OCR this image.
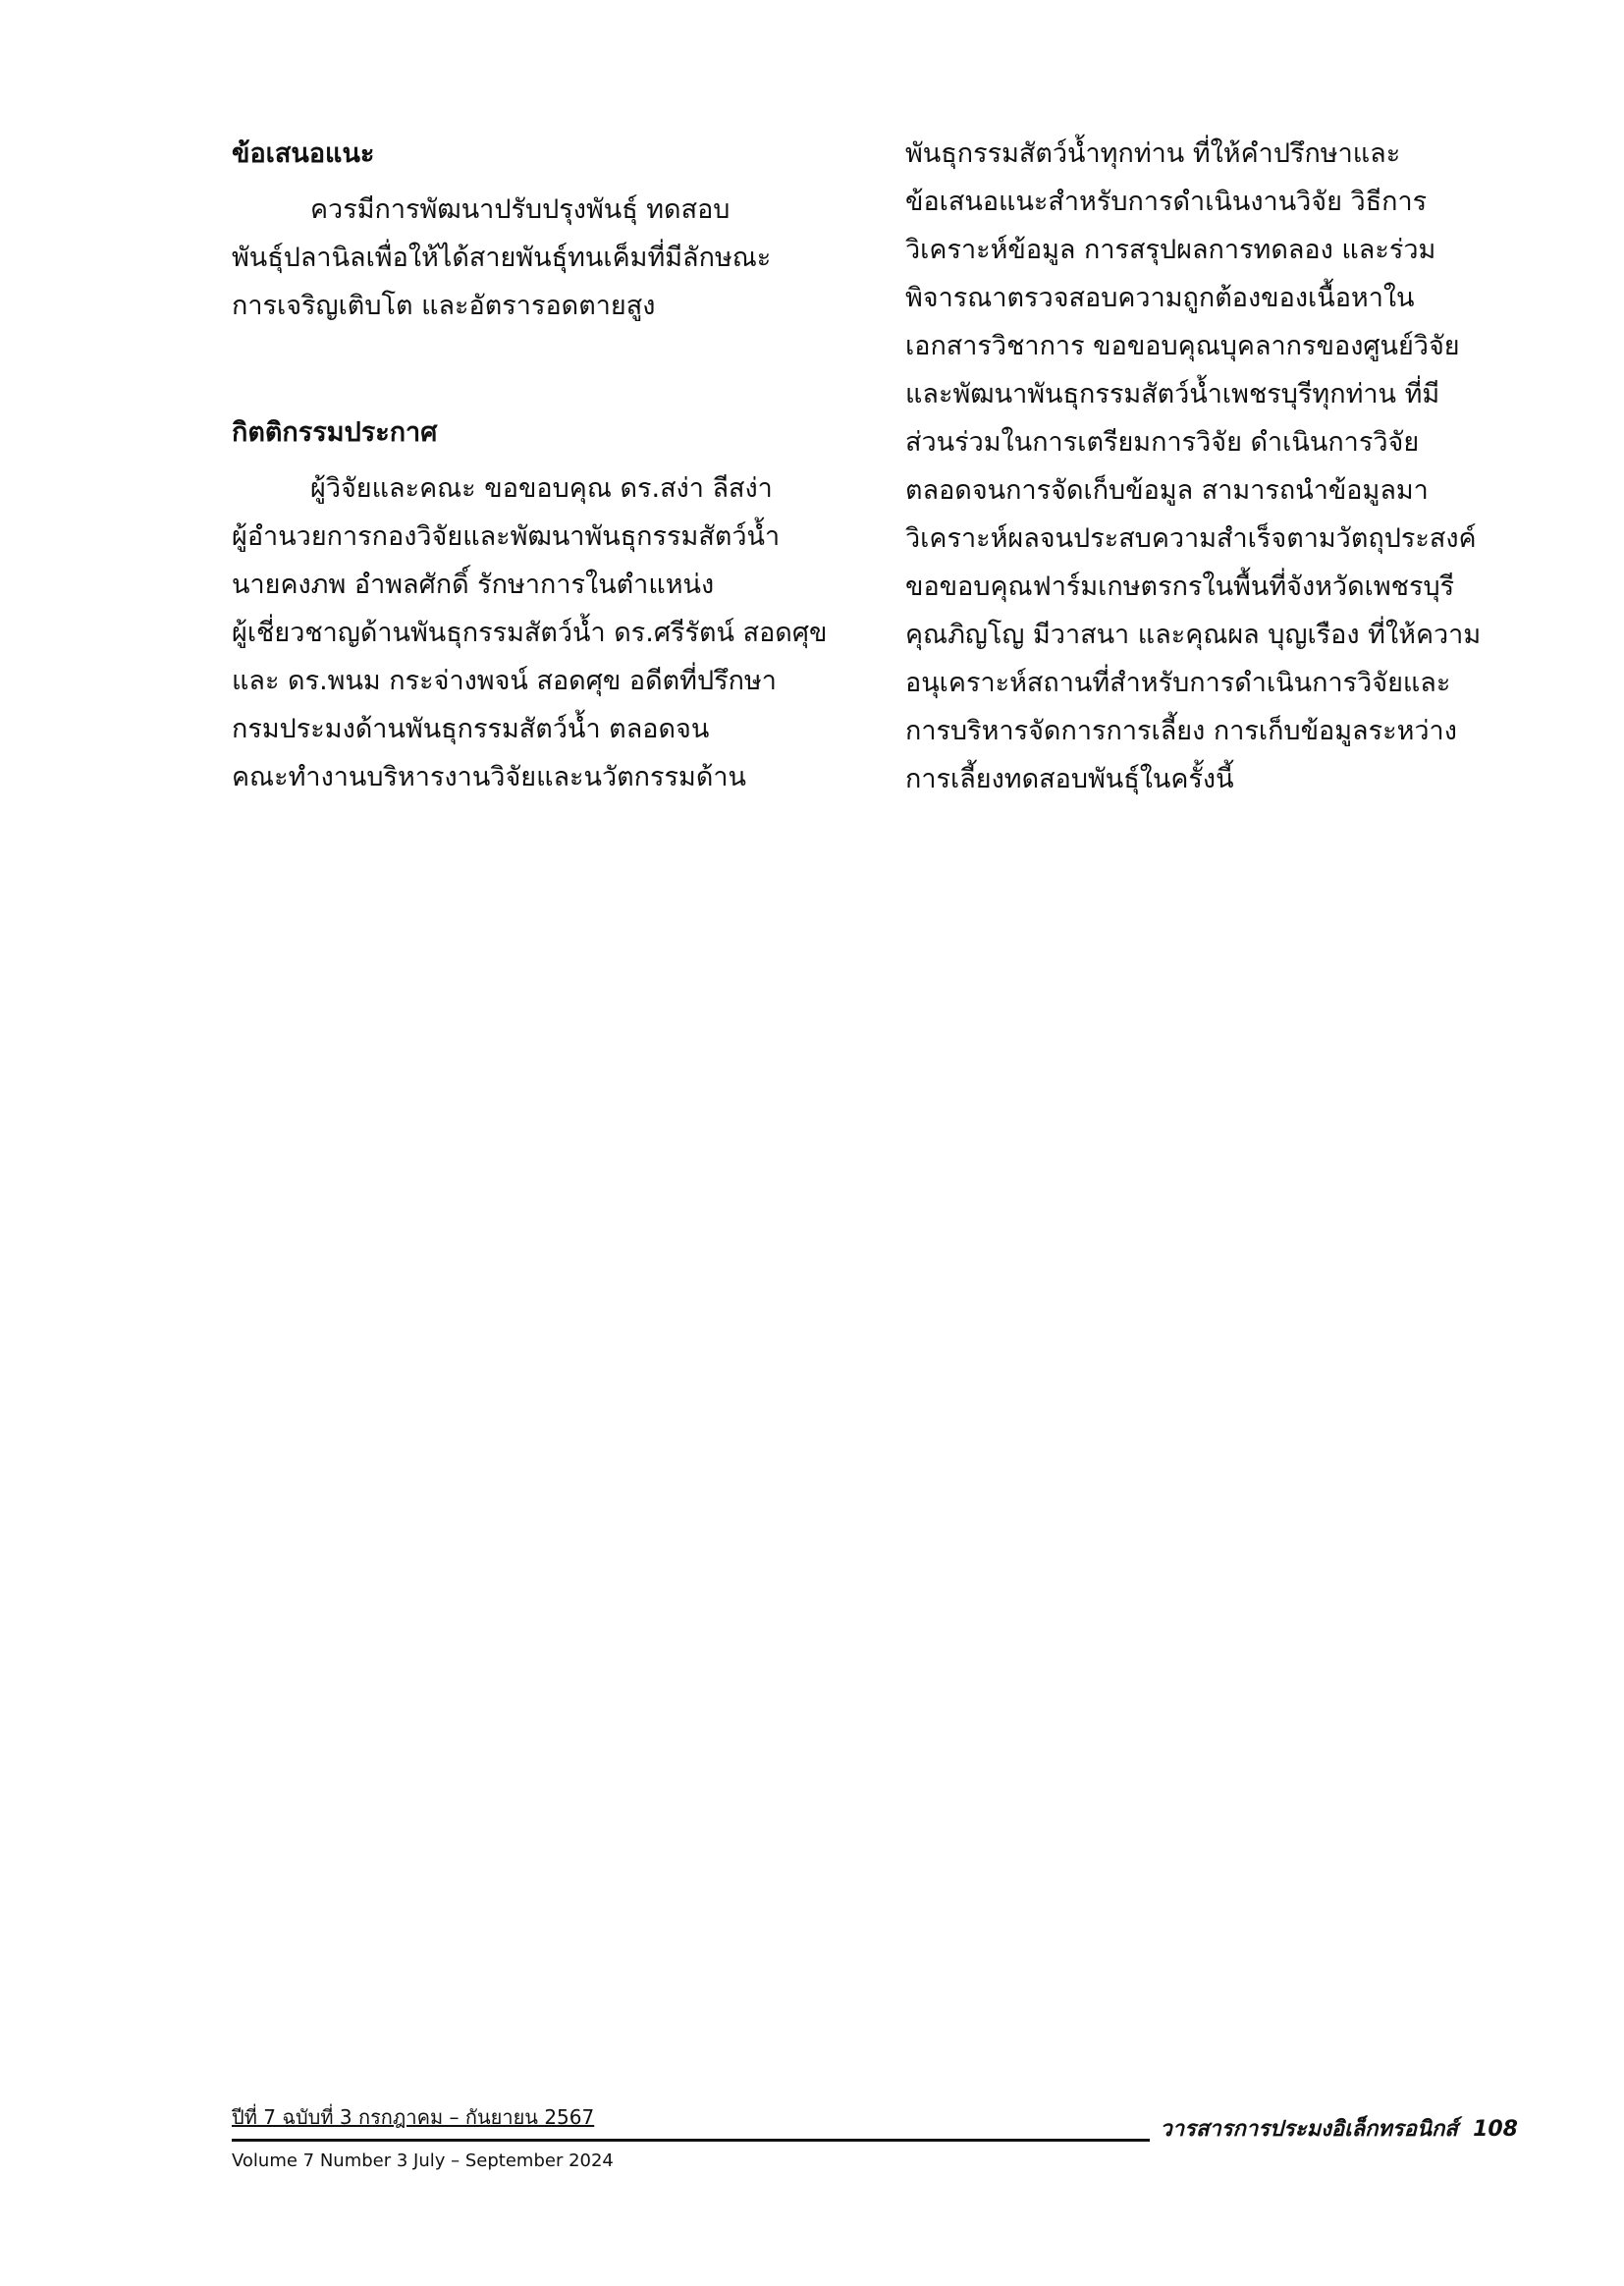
ข้อเสนอแนะ

ควรมีการพัฒนาปรับปรุงพันธุ์ ทดสอบ
พันธุ์ปลานิลเพื่อให้ได้สายพันธุ์ทนเค็มที่มีลักษณะ
การเจริญเติบโต และอัตรารอดตายสูง

กิตติกรรมประกาศ

ผู้วิจัยและคณะ ขอขอบคุณ ดร.สง่า ลีสง่า
ผู้อำนวยการกองวิจัยและพัฒนาพันธุกรรมสัตว์น้ำ
นายคงภพ อำพลศักดิ์ รักษาการในตำแหน่ง
ผู้เชี่ยวชาญด้านพันธุกรรมสัตว์น้ำ ดร.ศรีรัตน์ สอดศุข
และ ดร.พนม กระจ่างพจน์ สอดศุข อดีตที่ปรึกษา
กรมประมงด้านพันธุกรรมสัตว์น้ำ ตลอดจน
คณะทำงานบริหารงานวิจัยและนวัตกรรมด้าน

พันธุกรรมสัตว์น้ำทุกท่าน ที่ให้คำปรึกษาและ
ข้อเสนอแนะสำหรับการดำเนินงานวิจัย วิธีการ
วิเคราะห์ข้อมูล การสรุปผลการทดลอง และร่วม
พิจารณาตรวจสอบความถูกต้องของเนื้อหาใน
เอกสารวิชาการ ขอขอบคุณบุคลากรของศูนย์วิจัย
และพัฒนาพันธุกรรมสัตว์น้ำเพชรบุรีทุกท่าน ที่มี
ส่วนร่วมในการเตรียมการวิจัย ดำเนินการวิจัย
ตลอดจนการจัดเก็บข้อมูล สามารถนำข้อมูลมา
วิเคราะห์ผลจนประสบความสำเร็จตามวัตถุประสงค์
ขอขอบคุณฟาร์มเกษตรกรในพื้นที่จังหวัดเพชรบุรี
คุณภิญโญ มีวาสนา และคุณผล บุญเรือง ที่ให้ความ
อนุเคราะห์สถานที่สำหรับการดำเนินการวิจัยและ
การบริหารจัดการการเลี้ยง การเก็บข้อมูลระหว่าง
การเลี้ยงทดสอบพันธุ์ในครั้งนี้

ปีที่ 7 ฉบับที่ 3 กรกฎาคม – กันยายน 2567	วารสารการประมงอิเล็กทรอนิกส์ 108
Volume 7 Number 3 July – September 2024
